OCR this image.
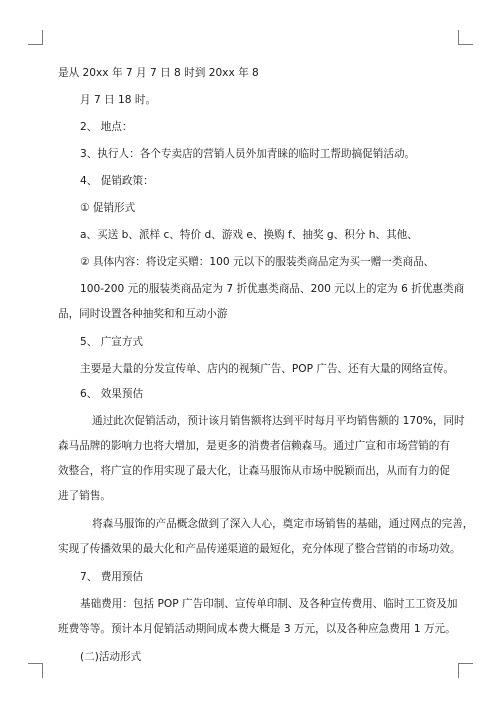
是从 20xx 年 7 月 7 日 8 时到 20xx 年 8

月 7 日 18 时。

2、 地点：

3、执行人：各个专卖店的营销人员外加青睐的临时工帮助搞促销活动。

4、 促销政策：

① 促销形式

a、买送 b、派样 c、特价 d、游戏 e、换购 f、抽奖 g、积分 h、其他、

② 具体内容：将设定买赠：100 元以下的服装类商品定为买一赠一类商品、

100-200 元的服装类商品定为 7 折优惠类商品、200 元以上的定为 6 折优惠类商

品，同时设置各种抽奖和和互动小游

5、 广宣方式

主要是大量的分发宣传单、店内的视频广告、POP 广告、还有大量的网络宣传。

6、 效果预估

通过此次促销活动，预计该月销售额将达到平时每月平均销售额的 170%，同时

森马品牌的影响力也将大增加，是更多的消费者信赖森马。通过广宣和市场营销的有

效整合，将广宣的作用实现了最大化，让森马服饰从市场中脱颖而出，从而有力的促

进了销售。

将森马服饰的产品概念做到了深入人心，奠定市场销售的基础，通过网点的完善，

实现了传播效果的最大化和产品传递渠道的最短化，充分体现了整合营销的市场功效。

7、 费用预估

基础费用：包括 POP 广告印制、宣传单印制、及各种宣传费用、临时工工资及加

班费等等。预计本月促销活动期间成本费大概是 3 万元，以及各种应急费用 1 万元。

(二)活动形式
